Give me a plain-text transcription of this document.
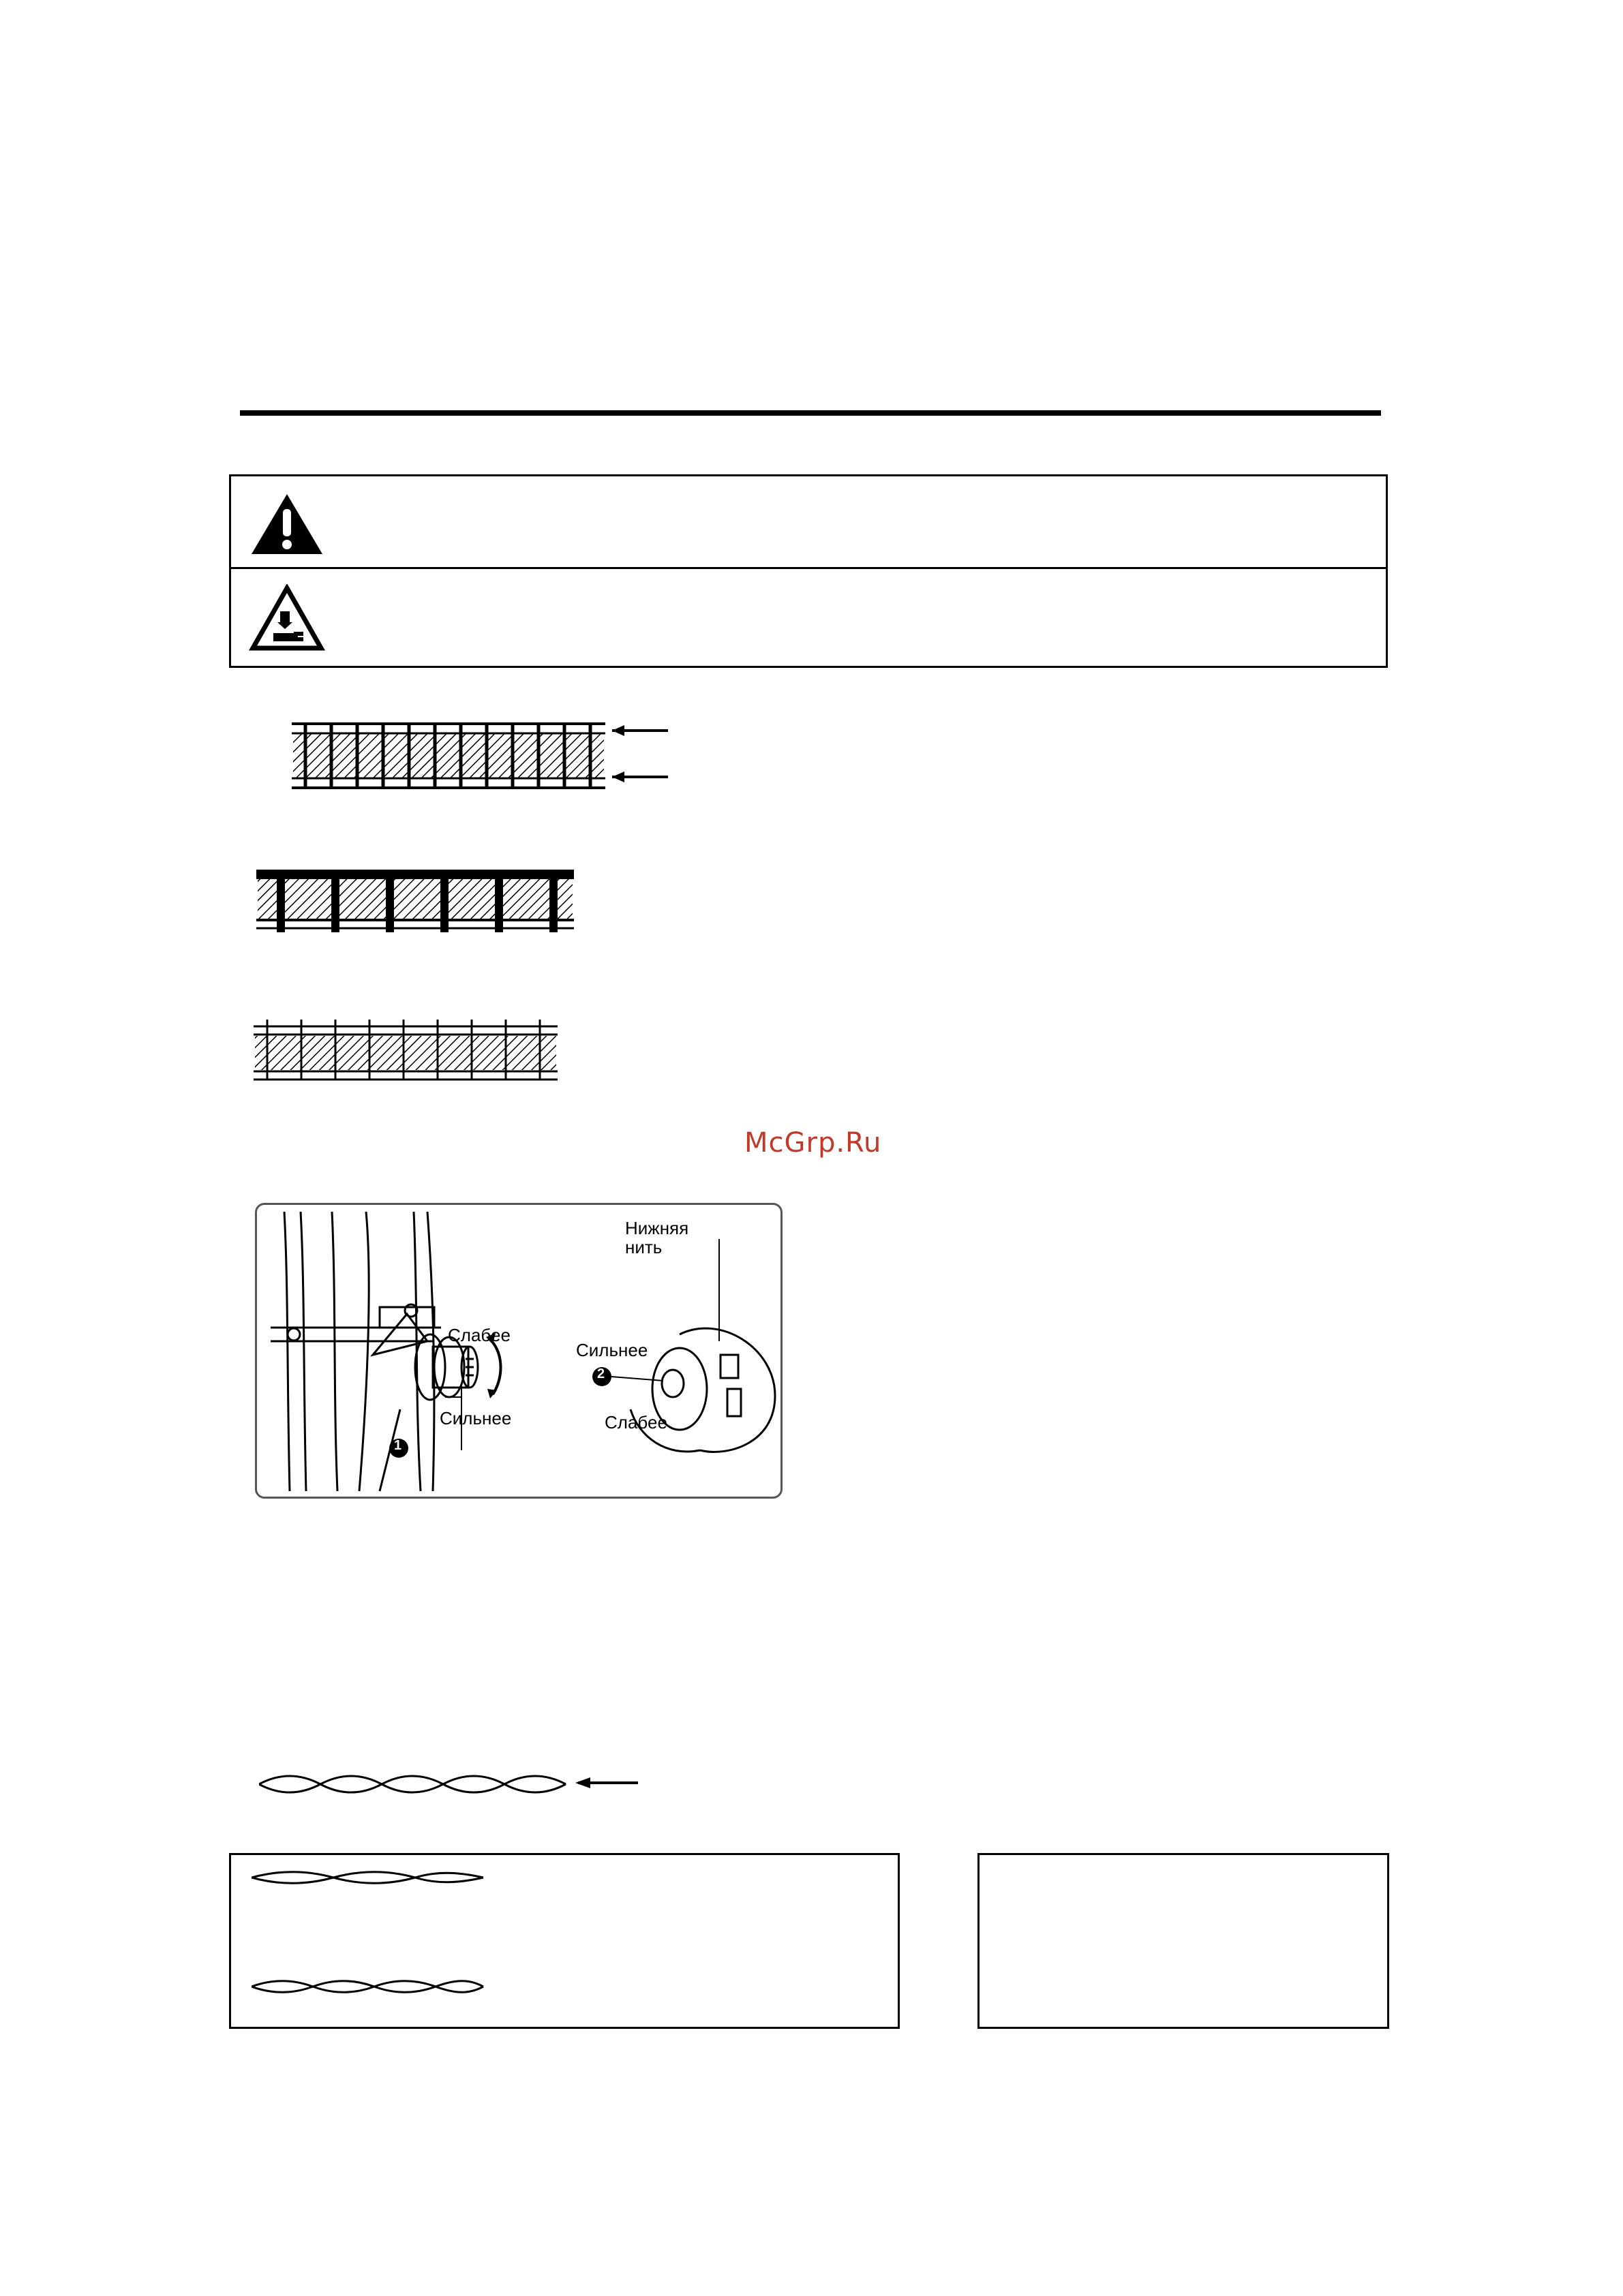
McGrp.Ru
Нижняя
нить
Слабее
Сильнее
Сильнее
Слабее
1
2
